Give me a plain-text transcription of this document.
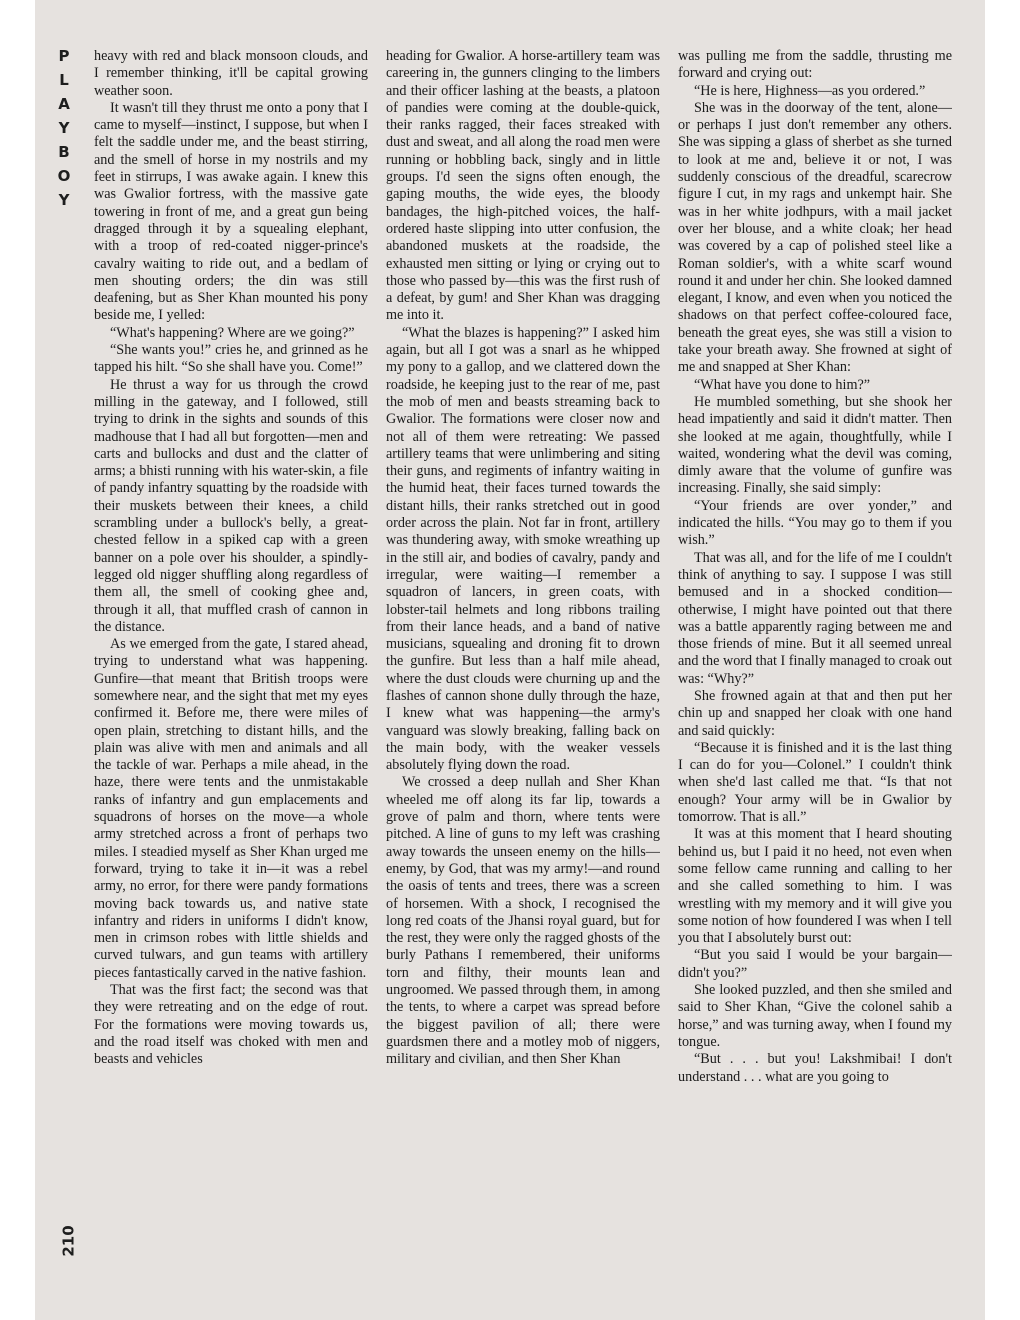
P
L
A
Y
B
O
Y
210

heavy with red and black monsoon clouds, and I remember thinking, it'll be capital growing weather soon.

It wasn't till they thrust me onto a pony that I came to myself—instinct, I suppose, but when I felt the saddle under me, and the beast stirring, and the smell of horse in my nostrils and my feet in stirrups, I was awake again. I knew this was Gwalior fortress, with the massive gate towering in front of me, and a great gun being dragged through it by a squealing elephant, with a troop of red-coated nigger-prince's cavalry waiting to ride out, and a bedlam of men shouting orders; the din was still deafening, but as Sher Khan mounted his pony beside me, I yelled:

“What's happening? Where are we going?”

“She wants you!” cries he, and grinned as he tapped his hilt. “So she shall have you. Come!”

He thrust a way for us through the crowd milling in the gateway, and I followed, still trying to drink in the sights and sounds of this madhouse that I had all but forgotten—men and carts and bullocks and dust and the clatter of arms; a bhisti running with his water-skin, a file of pandy infantry squatting by the roadside with their muskets between their knees, a child scrambling under a bullock's belly, a great-chested fellow in a spiked cap with a green banner on a pole over his shoulder, a spindly-legged old nigger shuffling along regardless of them all, the smell of cooking ghee and, through it all, that muffled crash of cannon in the distance.

As we emerged from the gate, I stared ahead, trying to understand what was happening. Gunfire—that meant that British troops were somewhere near, and the sight that met my eyes confirmed it. Before me, there were miles of open plain, stretching to distant hills, and the plain was alive with men and animals and all the tackle of war. Perhaps a mile ahead, in the haze, there were tents and the unmistakable ranks of infantry and gun emplacements and squadrons of horses on the move—a whole army stretched across a front of perhaps two miles. I steadied myself as Sher Khan urged me forward, trying to take it in—it was a rebel army, no error, for there were pandy formations moving back towards us, and native state infantry and riders in uniforms I didn't know, men in crimson robes with little shields and curved tulwars, and gun teams with artillery pieces fantastically carved in the native fashion.

That was the first fact; the second was that they were retreating and on the edge of rout. For the formations were moving towards us, and the road itself was choked with men and beasts and vehicles

heading for Gwalior. A horse-artillery team was careering in, the gunners clinging to the limbers and their officer lashing at the beasts, a platoon of pandies were coming at the double-quick, their ranks ragged, their faces streaked with dust and sweat, and all along the road men were running or hobbling back, singly and in little groups. I'd seen the signs often enough, the gaping mouths, the wide eyes, the bloody bandages, the high-pitched voices, the half-ordered haste slipping into utter confusion, the abandoned muskets at the roadside, the exhausted men sitting or lying or crying out to those who passed by—this was the first rush of a defeat, by gum! and Sher Khan was dragging me into it.

“What the blazes is happening?” I asked him again, but all I got was a snarl as he whipped my pony to a gallop, and we clattered down the roadside, he keeping just to the rear of me, past the mob of men and beasts streaming back to Gwalior. The formations were closer now and not all of them were retreating: We passed artillery teams that were unlimbering and siting their guns, and regiments of infantry waiting in the humid heat, their faces turned towards the distant hills, their ranks stretched out in good order across the plain. Not far in front, artillery was thundering away, with smoke wreathing up in the still air, and bodies of cavalry, pandy and irregular, were waiting—I remember a squadron of lancers, in green coats, with lobster-tail helmets and long ribbons trailing from their lance heads, and a band of native musicians, squealing and droning fit to drown the gunfire. But less than a half mile ahead, where the dust clouds were churning up and the flashes of cannon shone dully through the haze, I knew what was happening—the army's vanguard was slowly breaking, falling back on the main body, with the weaker vessels absolutely flying down the road.

We crossed a deep nullah and Sher Khan wheeled me off along its far lip, towards a grove of palm and thorn, where tents were pitched. A line of guns to my left was crashing away towards the unseen enemy on the hills—enemy, by God, that was my army!—and round the oasis of tents and trees, there was a screen of horsemen. With a shock, I recognised the long red coats of the Jhansi royal guard, but for the rest, they were only the ragged ghosts of the burly Pathans I remembered, their uniforms torn and filthy, their mounts lean and ungroomed. We passed through them, in among the tents, to where a carpet was spread before the biggest pavilion of all; there were guardsmen there and a motley mob of niggers, military and civilian, and then Sher Khan

was pulling me from the saddle, thrusting me forward and crying out:

“He is here, Highness—as you ordered.”

She was in the doorway of the tent, alone—or perhaps I just don't remember any others. She was sipping a glass of sherbet as she turned to look at me and, believe it or not, I was suddenly conscious of the dreadful, scarecrow figure I cut, in my rags and unkempt hair. She was in her white jodhpurs, with a mail jacket over her blouse, and a white cloak; her head was covered by a cap of polished steel like a Roman soldier's, with a white scarf wound round it and under her chin. She looked damned elegant, I know, and even when you noticed the shadows on that perfect coffee-coloured face, beneath the great eyes, she was still a vision to take your breath away. She frowned at sight of me and snapped at Sher Khan:

“What have you done to him?”

He mumbled something, but she shook her head impatiently and said it didn't matter. Then she looked at me again, thoughtfully, while I waited, wondering what the devil was coming, dimly aware that the volume of gunfire was increasing. Finally, she said simply:

“Your friends are over yonder,” and indicated the hills. “You may go to them if you wish.”

That was all, and for the life of me I couldn't think of anything to say. I suppose I was still bemused and in a shocked condition—otherwise, I might have pointed out that there was a battle apparently raging between me and those friends of mine. But it all seemed unreal and the word that I finally managed to croak out was: “Why?”

She frowned again at that and then put her chin up and snapped her cloak with one hand and said quickly:

“Because it is finished and it is the last thing I can do for you—Colonel.” I couldn't think when she'd last called me that. “Is that not enough? Your army will be in Gwalior by tomorrow. That is all.”

It was at this moment that I heard shouting behind us, but I paid it no heed, not even when some fellow came running and calling to her and she called something to him. I was wrestling with my memory and it will give you some notion of how foundered I was when I tell you that I absolutely burst out:

“But you said I would be your bargain—didn't you?”

She looked puzzled, and then she smiled and said to Sher Khan, “Give the colonel sahib a horse,” and was turning away, when I found my tongue.

“But . . . but you! Lakshmibai! I don't understand . . . what are you going to
